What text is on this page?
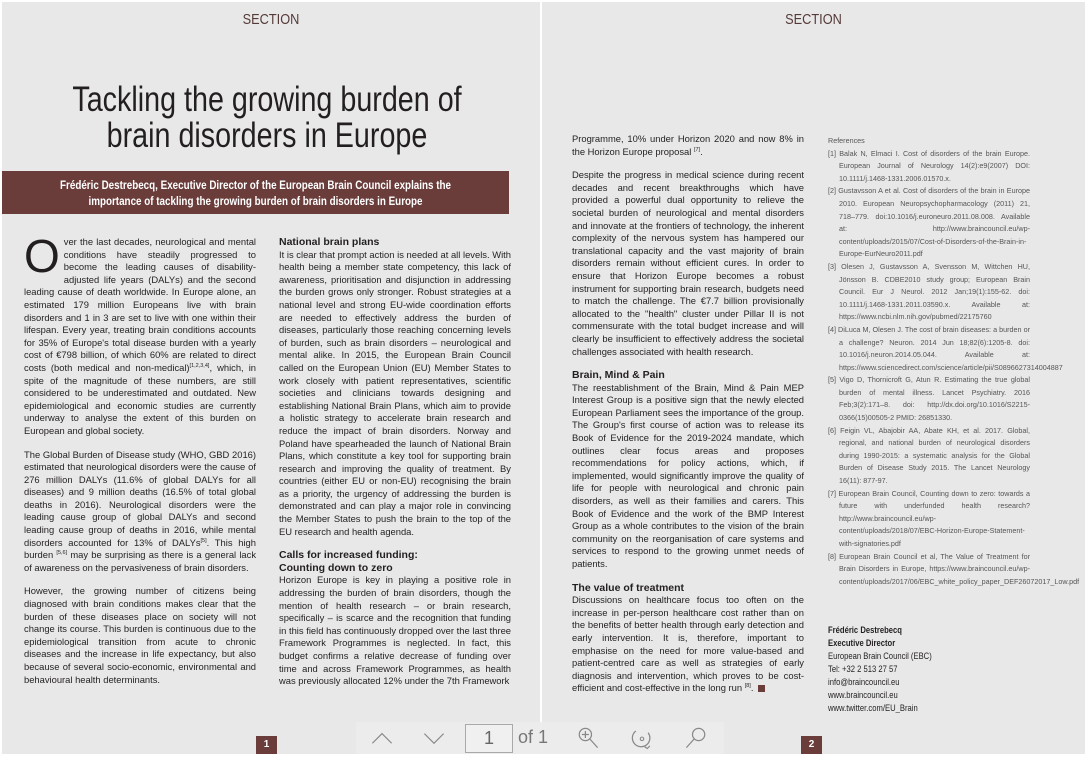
SECTION
Tackling the growing burden of brain disorders in Europe
Frédéric Destrebecq, Executive Director of the European Brain Council explains the importance of tackling the growing burden of brain disorders in Europe

Over the last decades, neurological and mental conditions have steadily progressed to become the leading causes of disability-adjusted life years (DALYs) and the second leading cause of death worldwide. In Europe alone, an estimated 179 million Europeans live with brain disorders and 1 in 3 are set to live with one within their lifespan. Every year, treating brain conditions accounts for 35% of Europe's total disease burden with a yearly cost of €798 billion, of which 60% are related to direct costs (both medical and non-medical)[1,2,3,4], which, in spite of the magnitude of these numbers, are still considered to be underestimated and outdated. New epidemiological and economic studies are currently underway to analyse the extent of this burden on European and global society.

The Global Burden of Disease study (WHO, GBD 2016) estimated that neurological disorders were the cause of 276 million DALYs (11.6% of global DALYs for all diseases) and 9 million deaths (16.5% of total global deaths in 2016). Neurological disorders were the leading cause group of global DALYs and second leading cause group of deaths in 2016, while mental disorders accounted for 13% of DALYs[5]. This high burden [5,6] may be surprising as there is a general lack of awareness on the pervasiveness of brain disorders.

However, the growing number of citizens being diagnosed with brain conditions makes clear that the burden of these diseases place on society will not change its course. This burden is continuous due to the epidemiological transition from acute to chronic diseases and the increase in life expectancy, but also because of several socio-economic, environmental and behavioural health determinants.

National brain plans

It is clear that prompt action is needed at all levels. With health being a member state competency, this lack of awareness, prioritisation and disjunction in addressing the burden grows only stronger. Robust strategies at a national level and strong EU-wide coordination efforts are needed to effectively address the burden of diseases, particularly those reaching concerning levels of burden, such as brain disorders – neurological and mental alike. In 2015, the European Brain Council called on the European Union (EU) Member States to work closely with patient representatives, scientific societies and clinicians towards designing and establishing National Brain Plans, which aim to provide a holistic strategy to accelerate brain research and reduce the impact of brain disorders. Norway and Poland have spearheaded the launch of National Brain Plans, which constitute a key tool for supporting brain research and improving the quality of treatment. By countries (either EU or non-EU) recognising the brain as a priority, the urgency of addressing the burden is demonstrated and can play a major role in convincing the Member States to push the brain to the top of the EU research and health agenda.

Calls for increased funding:
Counting down to zero

Horizon Europe is key in playing a positive role in addressing the burden of brain disorders, though the mention of health research – or brain research, specifically – is scarce and the recognition that funding in this field has continuously dropped over the last three Framework Programmes is neglected. In fact, this budget confirms a relative decrease of funding over time and across Framework Programmes, as health was previously allocated 12% under the 7th Framework

1
SECTION

Programme, 10% under Horizon 2020 and now 8% in the Horizon Europe proposal [7].

Despite the progress in medical science during recent decades and recent breakthroughs which have provided a powerful dual opportunity to relieve the societal burden of neurological and mental disorders and innovate at the frontiers of technology, the inherent complexity of the nervous system has hampered our translational capacity and the vast majority of brain disorders remain without efficient cures. In order to ensure that Horizon Europe becomes a robust instrument for supporting brain research, budgets need to match the challenge. The €7.7 billion provisionally allocated to the "health" cluster under Pillar II is not commensurate with the total budget increase and will clearly be insufficient to effectively address the societal challenges associated with health research.

Brain, Mind & Pain

The reestablishment of the Brain, Mind & Pain MEP Interest Group is a positive sign that the newly elected European Parliament sees the importance of the group. The Group's first course of action was to release its Book of Evidence for the 2019-2024 mandate, which outlines clear focus areas and proposes recommendations for policy actions, which, if implemented, would significantly improve the quality of life for people with neurological and chronic pain disorders, as well as their families and carers. This Book of Evidence and the work of the BMP Interest Group as a whole contributes to the vision of the brain community on the reorganisation of care systems and services to respond to the growing unmet needs of patients.

The value of treatment

Discussions on healthcare focus too often on the increase in per-person healthcare cost rather than on the benefits of better health through early detection and early intervention. It is, therefore, important to emphasise on the need for more value-based and patient-centred care as well as strategies of early diagnosis and intervention, which proves to be cost-efficient and cost-effective in the long run [8].

References
[1] Balak N, Elmaci I. Cost of disorders of the brain Europe. European Journal of Neurology 14(2):e9(2007) DOI: 10.1111/j.1468-1331.2006.01570.x.
[2] Gustavsson A et al. Cost of disorders of the brain in Europe 2010. European Neuropsychopharmacology (2011) 21, 718–779. doi:10.1016/j.euroneuro.2011.08.008. Available at: http://www.braincouncil.eu/wp-content/uploads/2015/07/Cost-of-Disorders-of-the-Brain-in-Europe-EurNeuro2011.pdf
[3] Olesen J, Gustavsson A, Svensson M, Wittchen HU, Jönsson B. CDBE2010 study group; European Brain Council. Eur J Neurol. 2012 Jan;19(1):155-62. doi: 10.1111/j.1468-1331.2011.03590.x. Available at: https://www.ncbi.nlm.nih.gov/pubmed/22175760
[4] DiLuca M, Olesen J. The cost of brain diseases: a burden or a challenge? Neuron. 2014 Jun 18;82(6):1205-8. doi: 10.1016/j.neuron.2014.05.044. Available at: https://www.sciencedirect.com/science/article/pii/S0896627314004887
[5] Vigo D, Thornicroft G, Atun R. Estimating the true global burden of mental illness. Lancet Psychiatry. 2016 Feb;3(2):171–8. doi: http://dx.doi.org/10.1016/S2215-0366(15)00505-2 PMID: 26851330.
[6] Feigin VL, Abajobir AA, Abate KH, et al. 2017. Global, regional, and national burden of neurological disorders during 1990-2015: a systematic analysis for the Global Burden of Disease Study 2015. The Lancet Neurology 16(11): 877-97.
[7] European Brain Council, Counting down to zero: towards a future with underfunded health research? http://www.braincouncil.eu/wp-content/uploads/2018/07/EBC-Horizon-Europe-Statement-with-signatories.pdf
[8] European Brain Council et al, The Value of Treatment for Brain Disorders in Europe, https://www.braincouncil.eu/wp-content/uploads/2017/06/EBC_white_policy_paper_DEF26072017_Low.pdf
Frédéric Destrebecq
Executive Director
European Brain Council (EBC)
Tel: +32 2 513 27 57
info@braincouncil.eu
www.braincouncil.eu
www.twitter.com/EU_Brain
2
1	of 1
